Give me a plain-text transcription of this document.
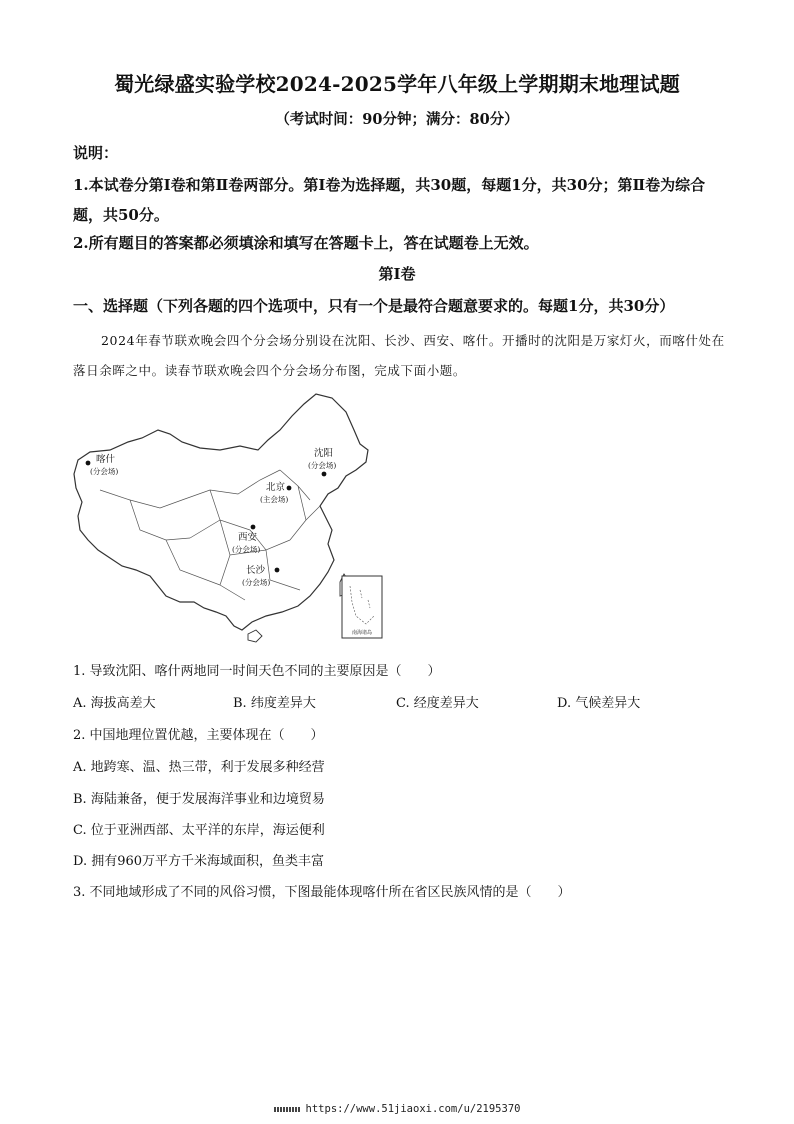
蜀光绿盛实验学校2024-2025学年八年级上学期期末地理试题
（考试时间：90分钟；满分：80分）
说明：
1.本试卷分第Ⅰ卷和第Ⅱ卷两部分。第Ⅰ卷为选择题，共30题，每题1分，共30分；第Ⅱ卷为综合题，共50分。
2.所有题目的答案都必须填涂和填写在答题卡上，答在试题卷上无效。
第Ⅰ卷
一、选择题（下列各题的四个选项中，只有一个是最符合题意要求的。每题1分，共30分）
2024年春节联欢晚会四个分会场分别设在沈阳、长沙、西安、喀什。开播时的沈阳是万家灯火，而喀什处在落日余晖之中。读春节联欢晚会四个分会场分布图，完成下面小题。
南海诸岛
喀什
(分会场)
沈阳
(分会场)
北京
(主会场)
西安
(分会场)
长沙
(分会场)
1. 导致沈阳、喀什两地同一时间天色不同的主要原因是（　　）
A. 海拔高差大	B. 纬度差异大	C. 经度差异大	D. 气候差异大
2. 中国地理位置优越，主要体现在（　　）
A. 地跨寒、温、热三带，利于发展多种经营
B. 海陆兼备，便于发展海洋事业和边境贸易
C. 位于亚洲西部、太平洋的东岸，海运便利
D. 拥有960万平方千米海域面积，鱼类丰富
3. 不同地域形成了不同的风俗习惯，下图最能体现喀什所在省区民族风情的是（　　）
https://www.51jiaoxi.com/u/2195370
